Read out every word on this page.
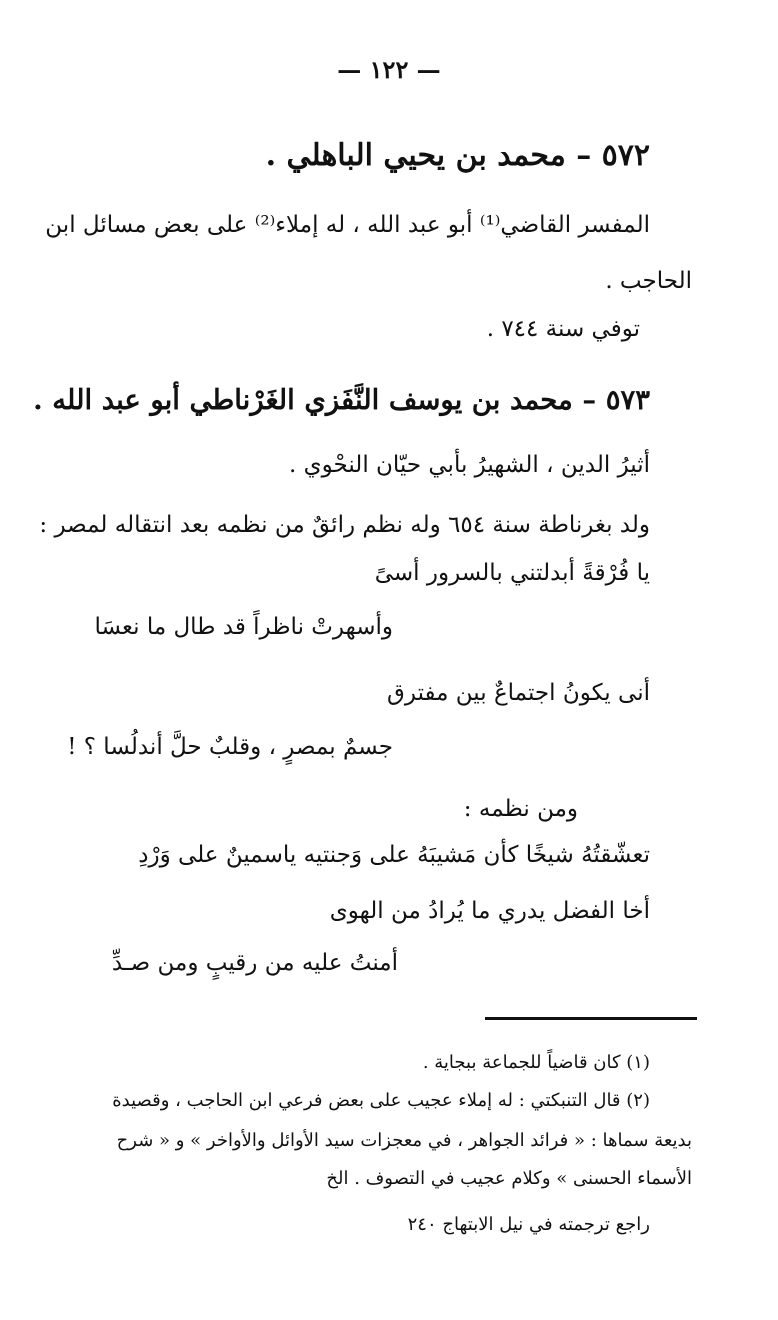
— ١٢٢ —
٥٧٢ – محمد بن يحيي الباهلي .
المفسر القاضي⁽¹⁾ أبو عبد الله ، له إملاء⁽²⁾ على بعض مسائل ابن
الحاجب .
توفي سنة ٧٤٤ .
٥٧٣ – محمد بن يوسف النَّفَزي الغَرْناطي أبو عبد الله .
أثيرُ الدين ، الشهيرُ بأبي حيّان النحْوي .
ولد بغرناطة سنة ٦٥٤ وله نظم رائقٌ من نظمه بعد انتقاله لمصر :
يا فُرْقةً أبدلتني بالسرور أسىً
وأسهرتْ ناظراً قد طال ما نعسَا
أنى يكونُ اجتماعٌ بين مفترق
جسمٌ بمصرٍ ، وقلبٌ حلَّ أندلُسا ؟ !
ومن نظمه :
تعشّقتُهُ شيخًا كأن مَشيبَهُ على وَجنتيه ياسمينٌ على وَرْدِ
أخا الفضل يدري ما يُرادُ من الهوى
أمنتُ عليه من رقيبٍ ومن صـدِّ
(١) كان قاضياً للجماعة ببجاية .
(٢) قال التنبكتي : له إملاء عجيب على بعض فرعي ابن الحاجب ، وقصيدة
بديعة سماها : « فرائد الجواهر ، في معجزات سيد الأوائل والأواخر » و « شرح
الأسماء الحسنى » وكلام عجيب في التصوف . الخ
راجع ترجمته في نيل الابتهاج ٢٤٠
